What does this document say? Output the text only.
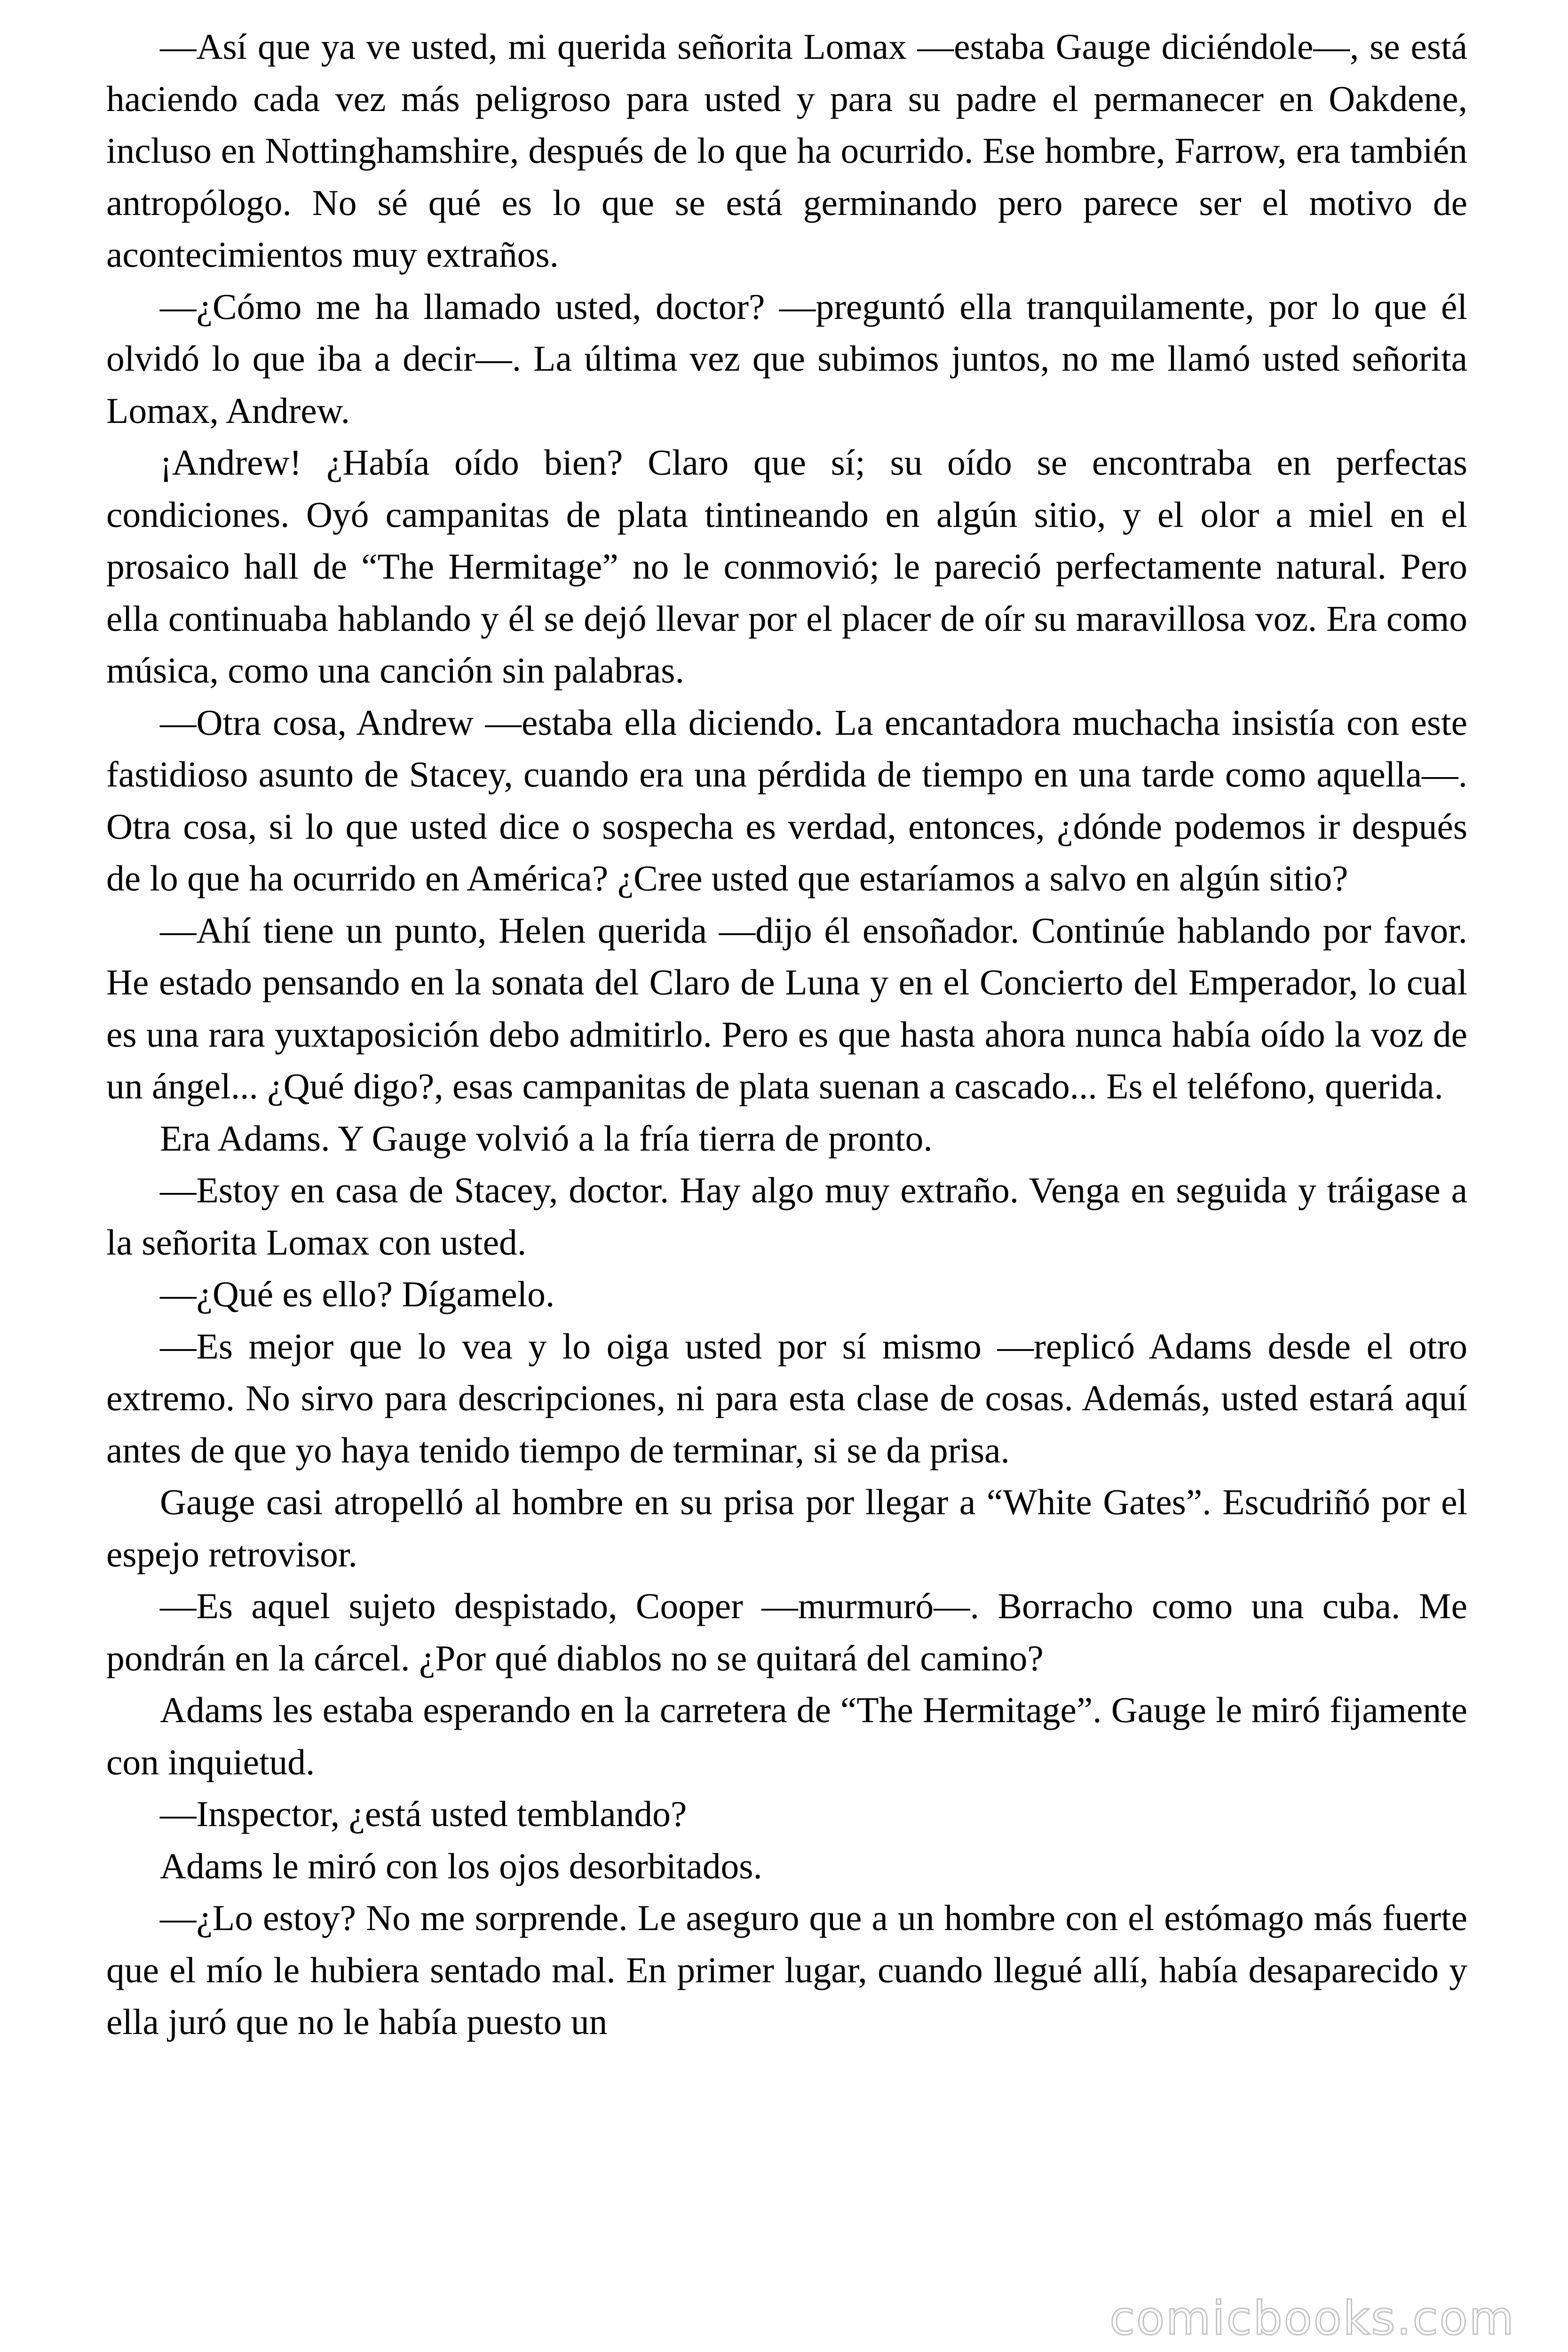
—Así que ya ve usted, mi querida señorita Lomax —estaba Gauge diciéndole—, se está haciendo cada vez más peligroso para usted y para su padre el permanecer en Oakdene, incluso en Nottinghamshire, después de lo que ha ocurrido. Ese hombre, Farrow, era también antropólogo. No sé qué es lo que se está germinando pero parece ser el motivo de acontecimientos muy extraños.

—¿Cómo me ha llamado usted, doctor? —preguntó ella tranquilamente, por lo que él olvidó lo que iba a decir—. La última vez que subimos juntos, no me llamó usted señorita Lomax, Andrew.

¡Andrew! ¿Había oído bien? Claro que sí; su oído se encontraba en perfectas condiciones. Oyó campanitas de plata tintineando en algún sitio, y el olor a miel en el prosaico hall de “The Hermitage” no le conmovió; le pareció perfectamente natural. Pero ella continuaba hablando y él se dejó llevar por el placer de oír su maravillosa voz. Era como música, como una canción sin palabras.

—Otra cosa, Andrew —estaba ella diciendo. La encantadora muchacha insistía con este fastidioso asunto de Stacey, cuando era una pérdida de tiempo en una tarde como aquella—. Otra cosa, si lo que usted dice o sospecha es verdad, entonces, ¿dónde podemos ir después de lo que ha ocurrido en América? ¿Cree usted que estaríamos a salvo en algún sitio?

—Ahí tiene un punto, Helen querida —dijo él ensoñador. Continúe hablando por favor. He estado pensando en la sonata del Claro de Luna y en el Concierto del Emperador, lo cual es una rara yuxtaposición debo admitirlo. Pero es que hasta ahora nunca había oído la voz de un ángel... ¿Qué digo?, esas campanitas de plata suenan a cascado... Es el teléfono, querida.

Era Adams. Y Gauge volvió a la fría tierra de pronto.

—Estoy en casa de Stacey, doctor. Hay algo muy extraño. Venga en seguida y tráigase a la señorita Lomax con usted.

—¿Qué es ello? Dígamelo.

—Es mejor que lo vea y lo oiga usted por sí mismo —replicó Adams desde el otro extremo. No sirvo para descripciones, ni para esta clase de cosas. Además, usted estará aquí antes de que yo haya tenido tiempo de terminar, si se da prisa.

Gauge casi atropelló al hombre en su prisa por llegar a “White Gates”. Escudriñó por el espejo retrovisor.

—Es aquel sujeto despistado, Cooper —murmuró—. Borracho como una cuba. Me pondrán en la cárcel. ¿Por qué diablos no se quitará del camino?

Adams les estaba esperando en la carretera de “The Hermitage”. Gauge le miró fijamente con inquietud.

—Inspector, ¿está usted temblando?

Adams le miró con los ojos desorbitados.

—¿Lo estoy? No me sorprende. Le aseguro que a un hombre con el estómago más fuerte que el mío le hubiera sentado mal. En primer lugar, cuando llegué allí, había desaparecido y ella juró que no le había puesto un

comicbooks.com
